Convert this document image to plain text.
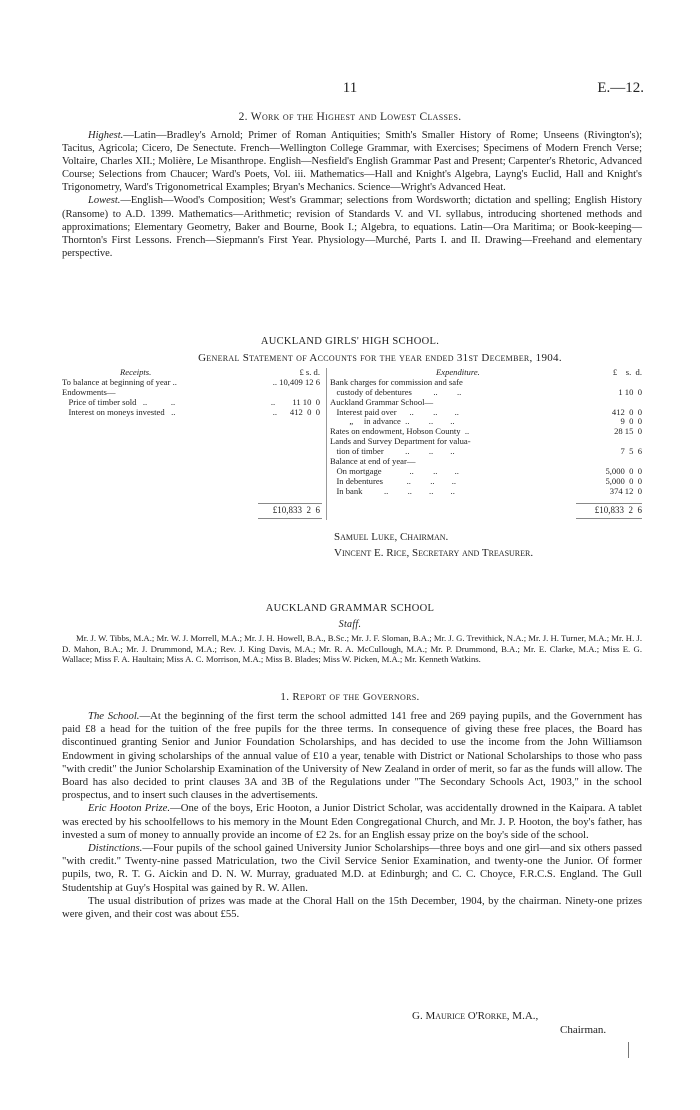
11	E.—12.
2. Work of the Highest and Lowest Classes.

Highest.—Latin—Bradley's Arnold; Primer of Roman Antiquities; Smith's Smaller History of Rome; Unseens (Rivington's); Tacitus, Agricola; Cicero, De Senectute. French—Wellington College Grammar, with Exercises; Specimens of Modern French Verse; Voltaire, Charles XII.; Molière, Le Misanthrope. English—Nesfield's English Grammar Past and Present; Carpenter's Rhetoric, Advanced Course; Selections from Chaucer; Ward's Poets, Vol. iii. Mathematics—Hall and Knight's Algebra, Layng's Euclid, Hall and Knight's Trigonometry, Ward's Trigonometrical Examples; Bryan's Mechanics. Science—Wright's Advanced Heat.

Lowest.—English—Wood's Composition; West's Grammar; selections from Wordsworth; dictation and spelling; English History (Ransome) to A.D. 1399. Mathematics—Arithmetic; revision of Standards V. and VI. syllabus, introducing shortened methods and approximations; Elementary Geometry, Baker and Bourne, Book I.; Algebra, to equations. Latin—Ora Maritima; or Book-keeping—Thornton's First Lessons. French—Siepmann's First Year. Physiology—Murché, Parts I. and II. Drawing—Freehand and elementary perspective.

AUCKLAND GIRLS' HIGH SCHOOL.
General Statement of Accounts for the year ended 31st December, 1904.
Receipts.	£ s. d.
To balance at beginning of year ..	.. 10,409 12 6
Endowments—
Price of timber sold   ..           ..	..        11 10  0
Interest on moneys invested   ..	..      412  0  0
Expenditure.	£    s.  d.
Bank charges for commission and safe
custody of debentures          ..         ..	1 10  0
Auckland Grammar School—
Interest paid over      ..         ..        ..	412  0  0
„     in advance  ..         ..        ..	9  0  0
Rates on endowment, Hobson County  ..	28 15  0
Lands and Survey Department for valua-
tion of timber          ..         ..        ..	7  5  6
Balance at end of year—
On mortgage             ..         ..        ..	5,000  0  0
In debentures           ..         ..        ..	5,000  0  0
In bank          ..         ..        ..        ..	374 12  0
£10,833  2  6	£10,833  2  6
Samuel Luke, Chairman.
Vincent E. Rice, Secretary and Treasurer.
AUCKLAND GRAMMAR SCHOOL
Staff.
Mr. J. W. Tibbs, M.A.; Mr. W. J. Morrell, M.A.; Mr. J. H. Howell, B.A., B.Sc.; Mr. J. F. Sloman, B.A.; Mr. J. G. Trevithick, N.A.; Mr. J. H. Turner, M.A.; Mr. H. J. D. Mahon, B.A.; Mr. J. Drummond, M.A.; Rev. J. King Davis, M.A.; Mr. R. A. McCullough, M.A.; Mr. P. Drummond, B.A.; Mr. E. Clarke, M.A.; Miss E. G. Wallace; Miss F. A. Haultain; Miss A. C. Morrison, M.A.; Miss B. Blades; Miss W. Picken, M.A.; Mr. Kenneth Watkins.
1. Report of the Governors.

The School.—At the beginning of the first term the school admitted 141 free and 269 paying pupils, and the Government has paid £8 a head for the tuition of the free pupils for the three terms. In consequence of giving these free places, the Board has discontinued granting Senior and Junior Foundation Scholarships, and has decided to use the income from the John Williamson Endowment in giving scholarships of the annual value of £10 a year, tenable with District or National Scholarships to those who pass "with credit" the Junior Scholarship Examination of the University of New Zealand in order of merit, so far as the funds will allow. The Board has also decided to print clauses 3A and 3B of the Regulations under "The Secondary Schools Act, 1903," in the school prospectus, and to insert such clauses in the advertisements.

Eric Hooton Prize.—One of the boys, Eric Hooton, a Junior District Scholar, was accidentally drowned in the Kaipara. A tablet was erected by his schoolfellows to his memory in the Mount Eden Congregational Church, and Mr. J. P. Hooton, the boy's father, has invested a sum of money to annually provide an income of £2 2s. for an English essay prize on the boy's side of the school.

Distinctions.—Four pupils of the school gained University Junior Scholarships—three boys and one girl—and six others passed "with credit." Twenty-nine passed Matriculation, two the Civil Service Senior Examination, and twenty-one the Junior. Of former pupils, two, R. T. G. Aickin and D. N. W. Murray, graduated M.D. at Edinburgh; and C. C. Choyce, F.R.C.S. England. The Gull Studentship at Guy's Hospital was gained by R. W. Allen.

The usual distribution of prizes was made at the Choral Hall on the 15th December, 1904, by the chairman. Ninety-one prizes were given, and their cost was about £55.

G. Maurice O'Rorke, M.A.,
Chairman.
